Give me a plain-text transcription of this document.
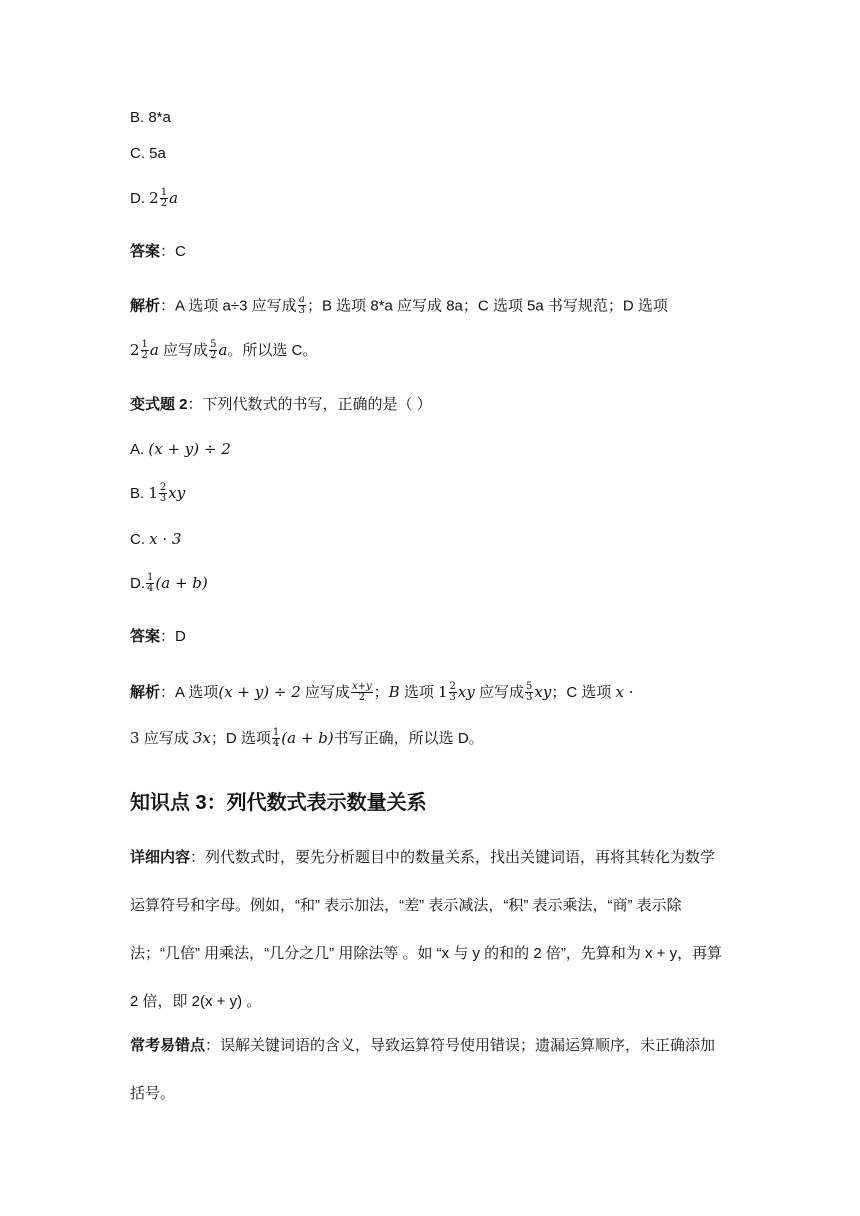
B. 8*a
C. 5a
D. $2 \frac{1}{2}$ a
答案：C
解析：A 选项 a÷3 应写成 $\frac{a}{3}$ ；B 选项 8*a 应写成 8a；C 选项 5a 书写规范；D 选项
$2 \frac{1}{2}$ a 应写成 $\frac{5}{2}$ a。所以选 C。
变式题 2：下列代数式的书写，正确的是（ ）
A. (x + y) ÷ 2
B. $1 \frac{2}{3}$ xy
C. x · 3
D. $\frac{1}{4} (a + b)$
答案：D
解析：A 选项(x + y) ÷ 2 应写成 $\frac{x+y}{2}$ ；B 选项 $1 \frac{2}{3}$ xy 应写成 $\frac{5}{3}$ xy；C 选项 x ·
3 应写成 3x；D 选项 $\frac{1}{4} (a + b)$书写正确，所以选 D。
知识点 3：列代数式表示数量关系
详细内容：列代数式时，要先分析题目中的数量关系，找出关键词语，再将其转化为数学运算符号和字母。例如，“和” 表示加法，“差” 表示减法，“积” 表示乘法，“商” 表示除法；“几倍” 用乘法，“几分之几” 用除法等 。如 “x 与 y 的和的 2 倍”，先算和为 x + y，再算 2 倍，即 2(x + y) 。
常考易错点：误解关键词语的含义，导致运算符号使用错误；遗漏运算顺序，未正确添加括号。
